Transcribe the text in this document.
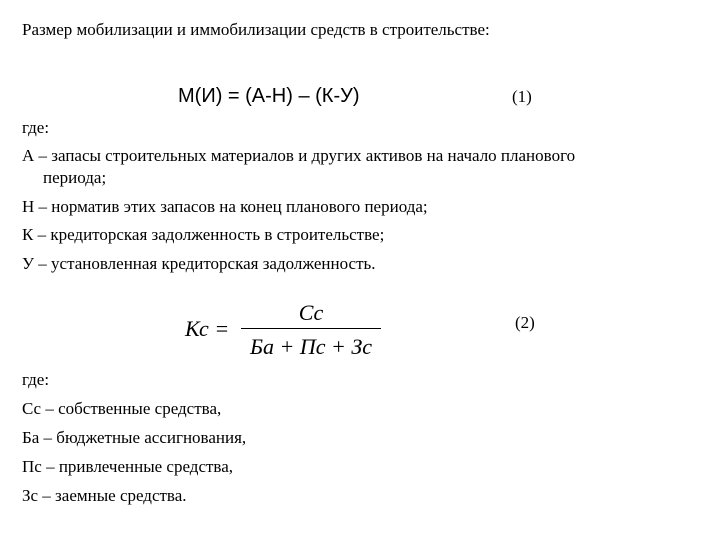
Размер мобилизации и иммобилизации средств в строительстве:
М(И) = (А-Н) – (К-У)	(1)
где:
А – запасы строительных материалов и других активов на начало планового
периода;
Н – норматив этих запасов на конец планового периода;
К – кредиторская задолженность в строительстве;
У – установленная кредиторская задолженность.
Кс =
Сс
Ба + Пс + Зс
(2)
где:
Сс – собственные средства,
Ба – бюджетные ассигнования,
Пс – привлеченные средства,
Зс – заемные средства.
